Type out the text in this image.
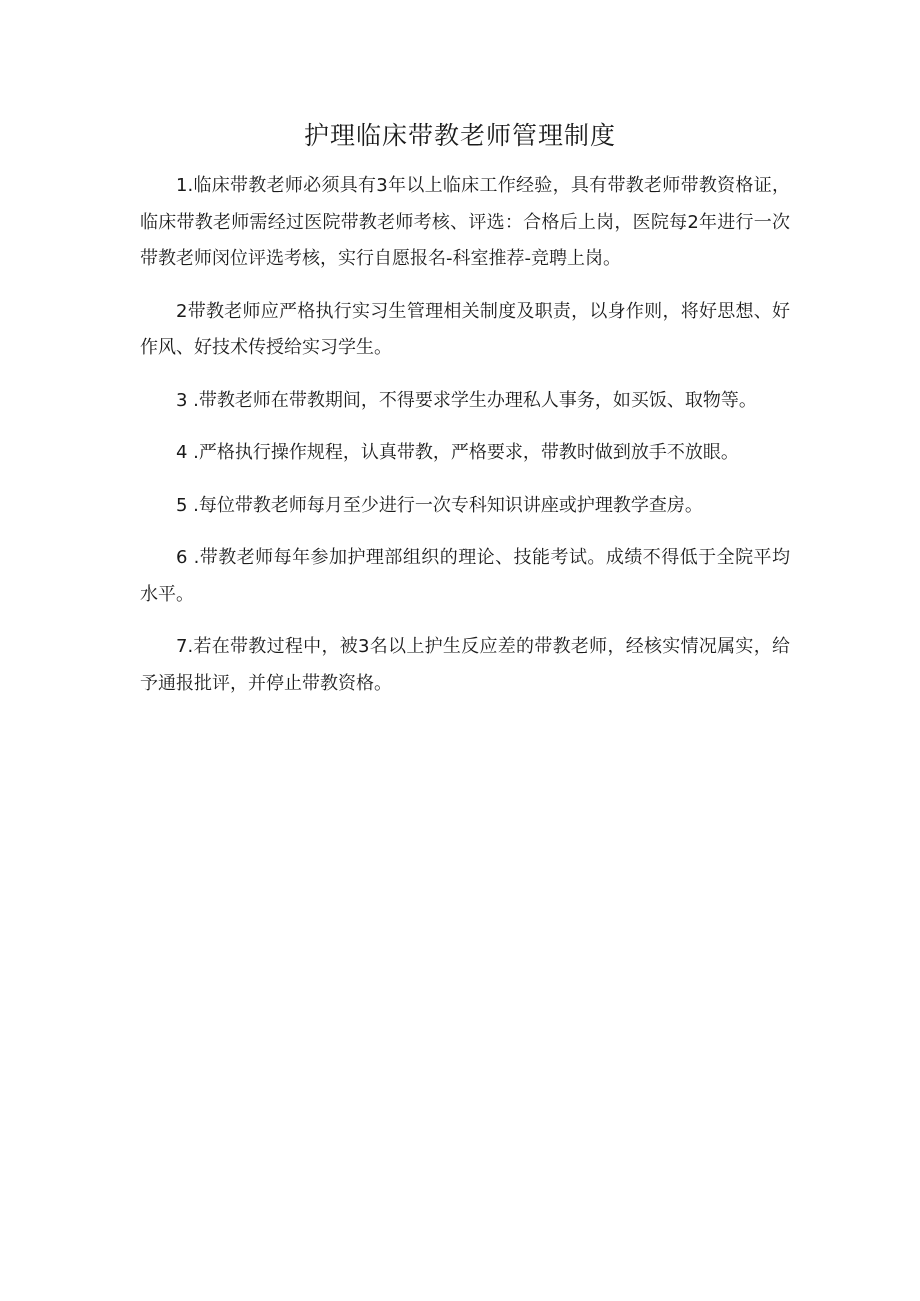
护理临床带教老师管理制度

1.临床带教老师必须具有3年以上临床工作经验，具有带教老师带教资格证，临床带教老师需经过医院带教老师考核、评选：合格后上岗，医院每2年进行一次带教老师闵位评选考核，实行自愿报名-科室推荐-竞聘上岗。

2带教老师应严格执行实习生管理相关制度及职责，以身作则，将好思想、好作风、好技术传授给实习学生。

3 .带教老师在带教期间，不得要求学生办理私人事务，如买饭、取物等。

4 .严格执行操作规程，认真带教，严格要求，带教时做到放手不放眼。

5 .每位带教老师每月至少进行一次专科知识讲座或护理教学查房。

6 .带教老师每年参加护理部组织的理论、技能考试。成绩不得低于全院平均水平。

7.若在带教过程中，被3名以上护生反应差的带教老师，经核实情况属实，给予通报批评，并停止带教资格。
